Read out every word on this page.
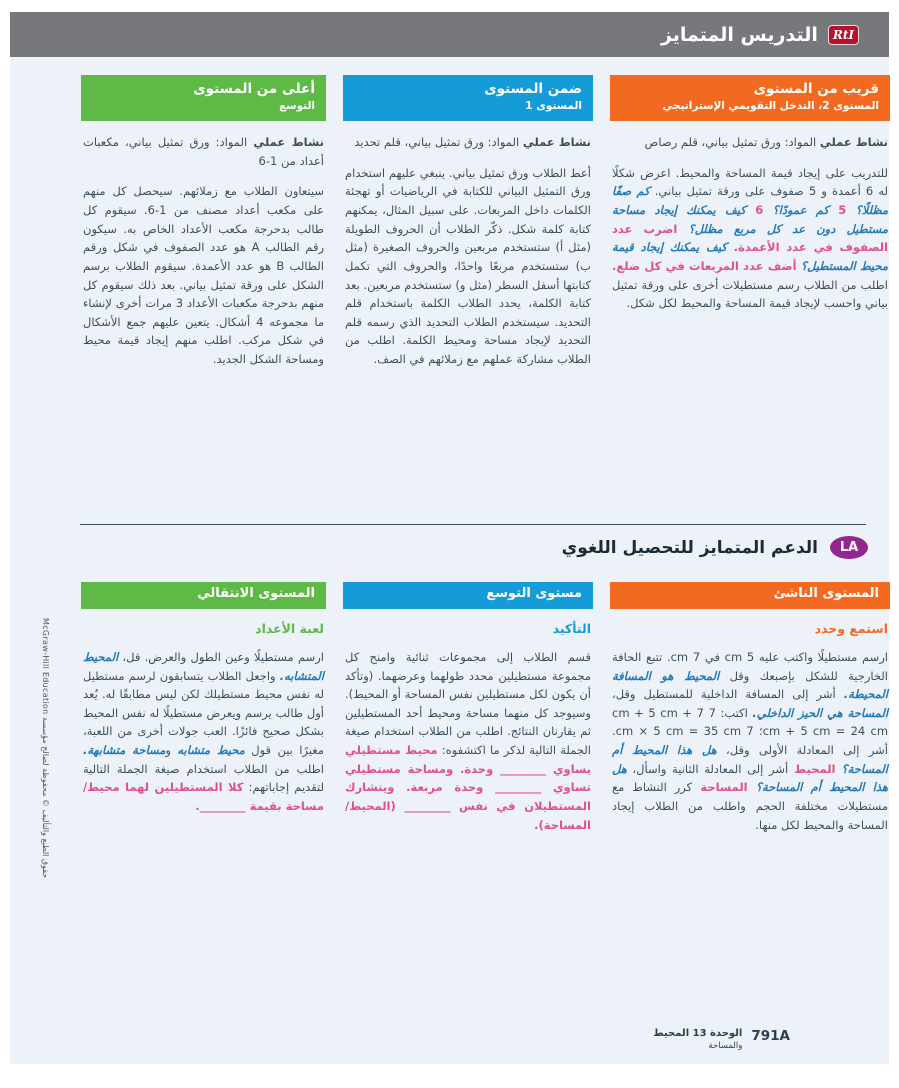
RtI
التدريس المتمايز
قريب من المستوى
المستوى 2، التدخل التقويمي الإستراتيجي

نشاط عملي المواد: ورق تمثيل بياني، قلم رصاص

للتدريب على إيجاد قيمة المساحة والمحيط. اعرض شكلًا له 6 أعمدة و 5 صفوف على ورقة تمثيل بياني. كم صفًا مظللًا؟ 5 كم عمودًا؟ 6 كيف يمكنك إيجاد مساحة مستطيل دون عد كل مربع مظلل؟ اضرب عدد الصفوف في عدد الأعمدة. كيف يمكنك إيجاد قيمة محيط المستطيل؟ أضف عدد المربعات في كل ضلع. اطلب من الطلاب رسم مستطيلات أخرى على ورقة تمثيل بياني واحسب لإيجاد قيمة المساحة والمحيط لكل شكل.

ضمن المستوى
المستوى 1

نشاط عملي المواد: ورق تمثيل بياني، قلم تحديد

أعط الطلاب ورق تمثيل بياني. ينبغي عليهم استخدام ورق التمثيل البياني للكتابة في الرياضيات أو تهجئة الكلمات داخل المربعات. على سبيل المثال، يمكنهم كتابة كلمة شكل. ذكّر الطلاب أن الحروف الطويلة (مثل أ) ستستخدم مربعين والحروف الصغيرة (مثل ب) ستستخدم مربعًا واحدًا، والحروف التي تكمل كتابتها أسفل السطر (مثل و) ستستخدم مربعين. بعد كتابة الكلمة، يحدد الطلاب الكلمة باستخدام قلم التحديد. سيستخدم الطلاب التحديد الذي رسمه قلم التحديد لإيجاد مساحة ومحيط الكلمة. اطلب من الطلاب مشاركة عملهم مع زملائهم في الصف.

أعلى من المستوى
التوسع

نشاط عملي المواد: ورق تمثيل بياني، مكعبات أعداد من 1-6

سيتعاون الطلاب مع زملائهم. سيحصل كل منهم على مكعب أعداد مصنف من 1-6. سيقوم كل طالب بدحرجة مكعب الأعداد الخاص به. سيكون رقم الطالب A هو عدد الصفوف في شكل ورقم الطالب B هو عدد الأعمدة. سيقوم الطلاب برسم الشكل على ورقة تمثيل بياني. بعد ذلك سيقوم كل منهم بدحرجة مكعبات الأعداد 3 مرات أخرى لإنشاء ما مجموعه 4 أشكال. يتعين عليهم جمع الأشكال في شكل مركب. اطلب منهم إيجاد قيمة محيط ومساحة الشكل الجديد.

LA
الدعم المتمايز للتحصيل اللغوي
المستوى الناشئ
استمع وحدد

ارسم مستطيلًا واكتب عليه 5 cm في 7 cm. تتبع الحافة الخارجية للشكل بإصبعك وقل المحيط هو المسافة المحيطة. أشر إلى المسافة الداخلية للمستطيل وقل، المساحة هي الحيز الداخلي. اكتب: 7 cm + 5 cm + 7 cm + 5 cm = 24 cm؛ 7 cm × 5 cm = 35 cm. أشر إلى المعادلة الأولى وقل، هل هذا المحيط أم المساحة؟ المحيط أشر إلى المعادلة الثانية واسأل، هل هذا المحيط أم المساحة؟ المساحة كرر النشاط مع مستطيلات مختلفة الحجم واطلب من الطلاب إيجاد المساحة والمحيط لكل منها.

مستوى التوسع
التأكيد

قسم الطلاب إلى مجموعات ثنائية وامنح كل مجموعة مستطيلين محدد طولهما وعرضهما. (وتأكد أن يكون لكل مستطيلين نفس المساحة أو المحيط). وسيوجد كل منهما مساحة ومحيط أحد المستطيلين ثم يقارنان النتائج. اطلب من الطلاب استخدام صيغة الجملة التالية لذكر ما اكتشفوه: محيط مستطيلي يساوي ________ وحدة. ومساحة مستطيلي تساوي ________ وحدة مربعة. ويتشارك المستطيلان في نفس ________ (المحيط/المساحة).

المستوى الانتقالي
لعبة الأعداد

ارسم مستطيلًا وعين الطول والعرض. قل، المحيط المتشابه. واجعل الطلاب يتسابقون لرسم مستطيل له نفس محيط مستطيلك لكن ليس مطابقًا له. يُعد أول طالب يرسم ويعرض مستطيلًا له نفس المحيط بشكل صحيح فائزًا. العب جولات أخرى من اللعبة، مغيرًا بين قول محيط متشابه ومساحة متشابهة. اطلب من الطلاب استخدام صيغة الجملة التالية لتقديم إجاباتهم: كلا المستطيلين لهما محيط/مساحة بقيمة ________.

حقوق الطبع والتأليف © محفوظة لصالح مؤسسة McGraw-Hill Education
791A
الوحدة 13 المحيط
والمساحة
